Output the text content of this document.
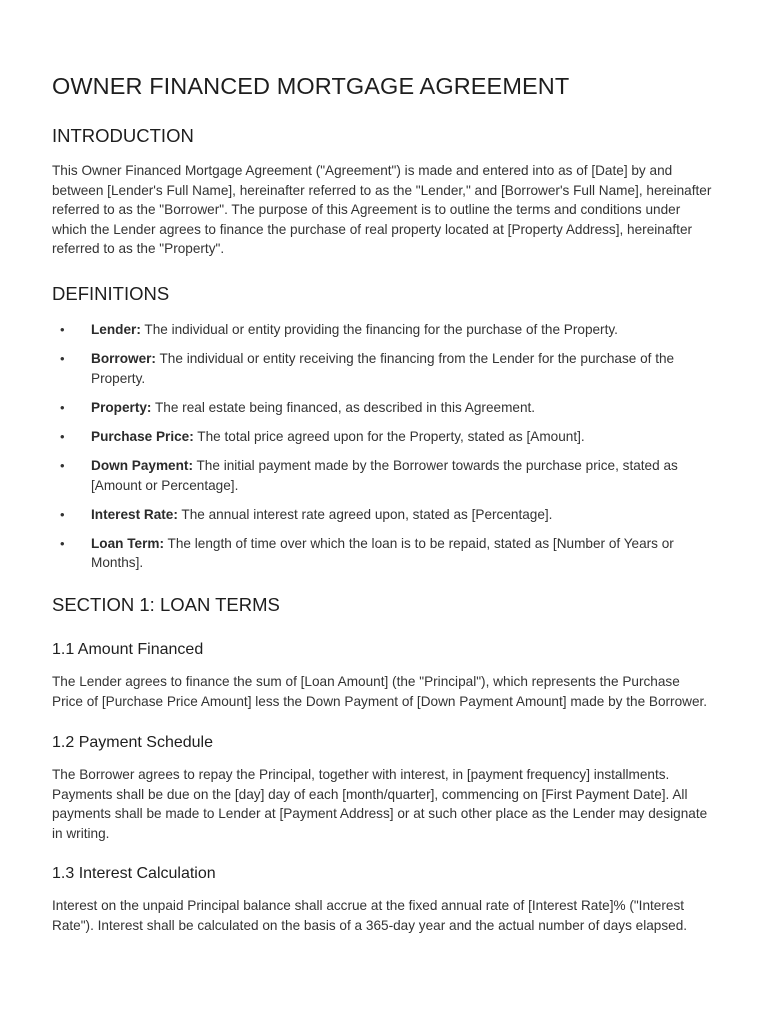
OWNER FINANCED MORTGAGE AGREEMENT
INTRODUCTION

This Owner Financed Mortgage Agreement ("Agreement") is made and entered into as of [Date] by and between [Lender's Full Name], hereinafter referred to as the "Lender," and [Borrower's Full Name], hereinafter referred to as the "Borrower". The purpose of this Agreement is to outline the terms and conditions under which the Lender agrees to finance the purchase of real property located at [Property Address], hereinafter referred to as the "Property".

DEFINITIONS
• Lender: The individual or entity providing the financing for the purchase of the Property.
• Borrower: The individual or entity receiving the financing from the Lender for the purchase of the Property.
• Property: The real estate being financed, as described in this Agreement.
• Purchase Price: The total price agreed upon for the Property, stated as [Amount].
• Down Payment: The initial payment made by the Borrower towards the purchase price, stated as [Amount or Percentage].
• Interest Rate: The annual interest rate agreed upon, stated as [Percentage].
• Loan Term: The length of time over which the loan is to be repaid, stated as [Number of Years or Months].
SECTION 1: LOAN TERMS
1.1 Amount Financed

The Lender agrees to finance the sum of [Loan Amount] (the "Principal"), which represents the Purchase Price of [Purchase Price Amount] less the Down Payment of [Down Payment Amount] made by the Borrower.

1.2 Payment Schedule

The Borrower agrees to repay the Principal, together with interest, in [payment frequency] installments. Payments shall be due on the [day] day of each [month/quarter], commencing on [First Payment Date]. All payments shall be made to Lender at [Payment Address] or at such other place as the Lender may designate in writing.

1.3 Interest Calculation

Interest on the unpaid Principal balance shall accrue at the fixed annual rate of [Interest Rate]% ("Interest Rate"). Interest shall be calculated on the basis of a 365-day year and the actual number of days elapsed.
